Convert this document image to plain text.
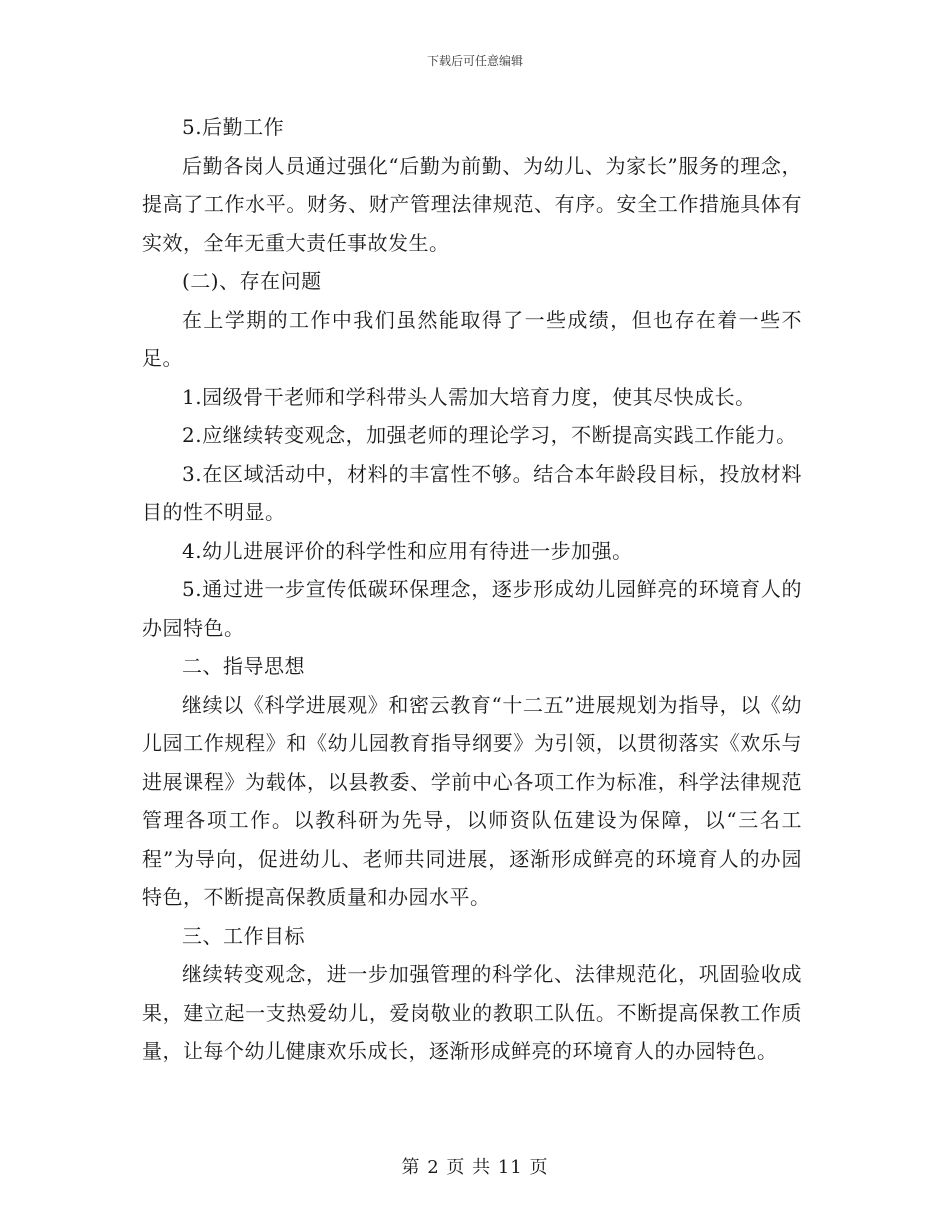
下载后可任意编辑

5.后勤工作

后勤各岗人员通过强化“后勤为前勤、为幼儿、为家长”服务的理念，提高了工作水平。财务、财产管理法律规范、有序。安全工作措施具体有实效，全年无重大责任事故发生。

(二)、存在问题

在上学期的工作中我们虽然能取得了一些成绩，但也存在着一些不足。

1.园级骨干老师和学科带头人需加大培育力度，使其尽快成长。

2.应继续转变观念，加强老师的理论学习，不断提高实践工作能力。

3.在区域活动中，材料的丰富性不够。结合本年龄段目标，投放材料目的性不明显。

4.幼儿进展评价的科学性和应用有待进一步加强。

5.通过进一步宣传低碳环保理念，逐步形成幼儿园鲜亮的环境育人的办园特色。

二、指导思想

继续以《科学进展观》和密云教育“十二五”进展规划为指导，以《幼儿园工作规程》和《幼儿园教育指导纲要》为引领，以贯彻落实《欢乐与进展课程》为载体，以县教委、学前中心各项工作为标准，科学法律规范管理各项工作。以教科研为先导，以师资队伍建设为保障，以“三名工程”为导向，促进幼儿、老师共同进展，逐渐形成鲜亮的环境育人的办园特色，不断提高保教质量和办园水平。

三、工作目标

继续转变观念，进一步加强管理的科学化、法律规范化，巩固验收成果，建立起一支热爱幼儿，爱岗敬业的教职工队伍。不断提高保教工作质量，让每个幼儿健康欢乐成长，逐渐形成鲜亮的环境育人的办园特色。

第 2 页 共 11 页
